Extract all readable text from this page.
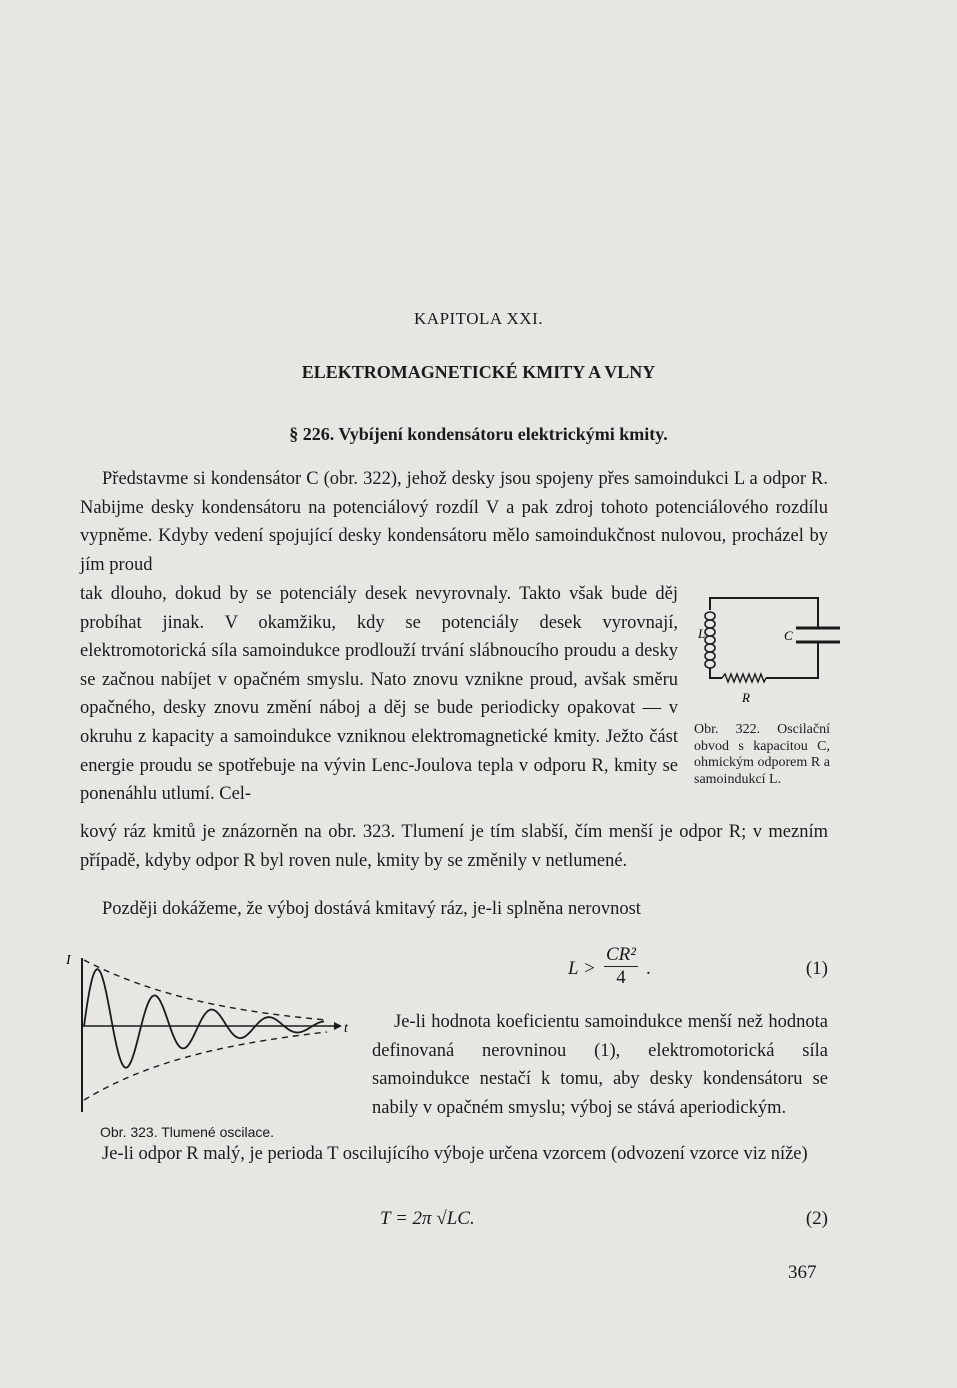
KAPITOLA XXI.
ELEKTROMAGNETICKÉ KMITY A VLNY
§ 226. Vybíjení kondensátoru elektrickými kmity.

Představme si kondensátor C (obr. 322), jehož desky jsou spojeny přes samoindukci L a odpor R. Nabijme desky kondensátoru na potenciálový rozdíl V a pak zdroj tohoto potenciálového rozdílu vypněme. Kdyby vedení spojující desky kondensátoru mělo samoindukčnost nulovou, procházel by jím proud

tak dlouho, dokud by se potenciály desek nevyrovnaly. Takto však bude děj probíhat jinak. V okamžiku, kdy se potenciály desek vyrovnají, elektromotorická síla samoindukce prodlouží trvání slábnoucího proudu a desky se začnou nabíjet v opačném smyslu. Nato znovu vznikne proud, avšak směru opačného, desky znovu změní náboj a děj se bude periodicky opakovat — v okruhu z kapacity a samoindukce vzniknou elektromagnetické kmity. Ježto část energie proudu se spotřebuje na vývin Lenc-Joulova tepla v odporu R, kmity se ponenáhlu utlumí. Cel-

kový ráz kmitů je znázorněn na obr. 323. Tlumení je tím slabší, čím menší je odpor R; v mezním případě, kdyby odpor R byl roven nule, kmity by se změnily v netlumené.

L	C
R
Obr. 322. Oscilační obvod s kapacitou C, ohmickým odporem R a samoindukcí L.

Později dokážeme, že výboj dostává kmitavý ráz, je-li splněna nerovnost

$L > \frac{\text{CR²}}{4}$ .	(1)
I
t
Obr. 323. Tlumené oscilace.

Je-li hodnota koeficientu samoindukce menší než hodnota definovaná nerovninou (1), elektromotorická síla samoindukce nestačí k tomu, aby desky kondensátoru se nabily v opačném smyslu; výboj se stává aperiodickým.

Je-li odpor R malý, je perioda T oscilujícího výboje určena vzorcem (odvození vzorce viz níže)

T = 2π √LC.	(2)
367
